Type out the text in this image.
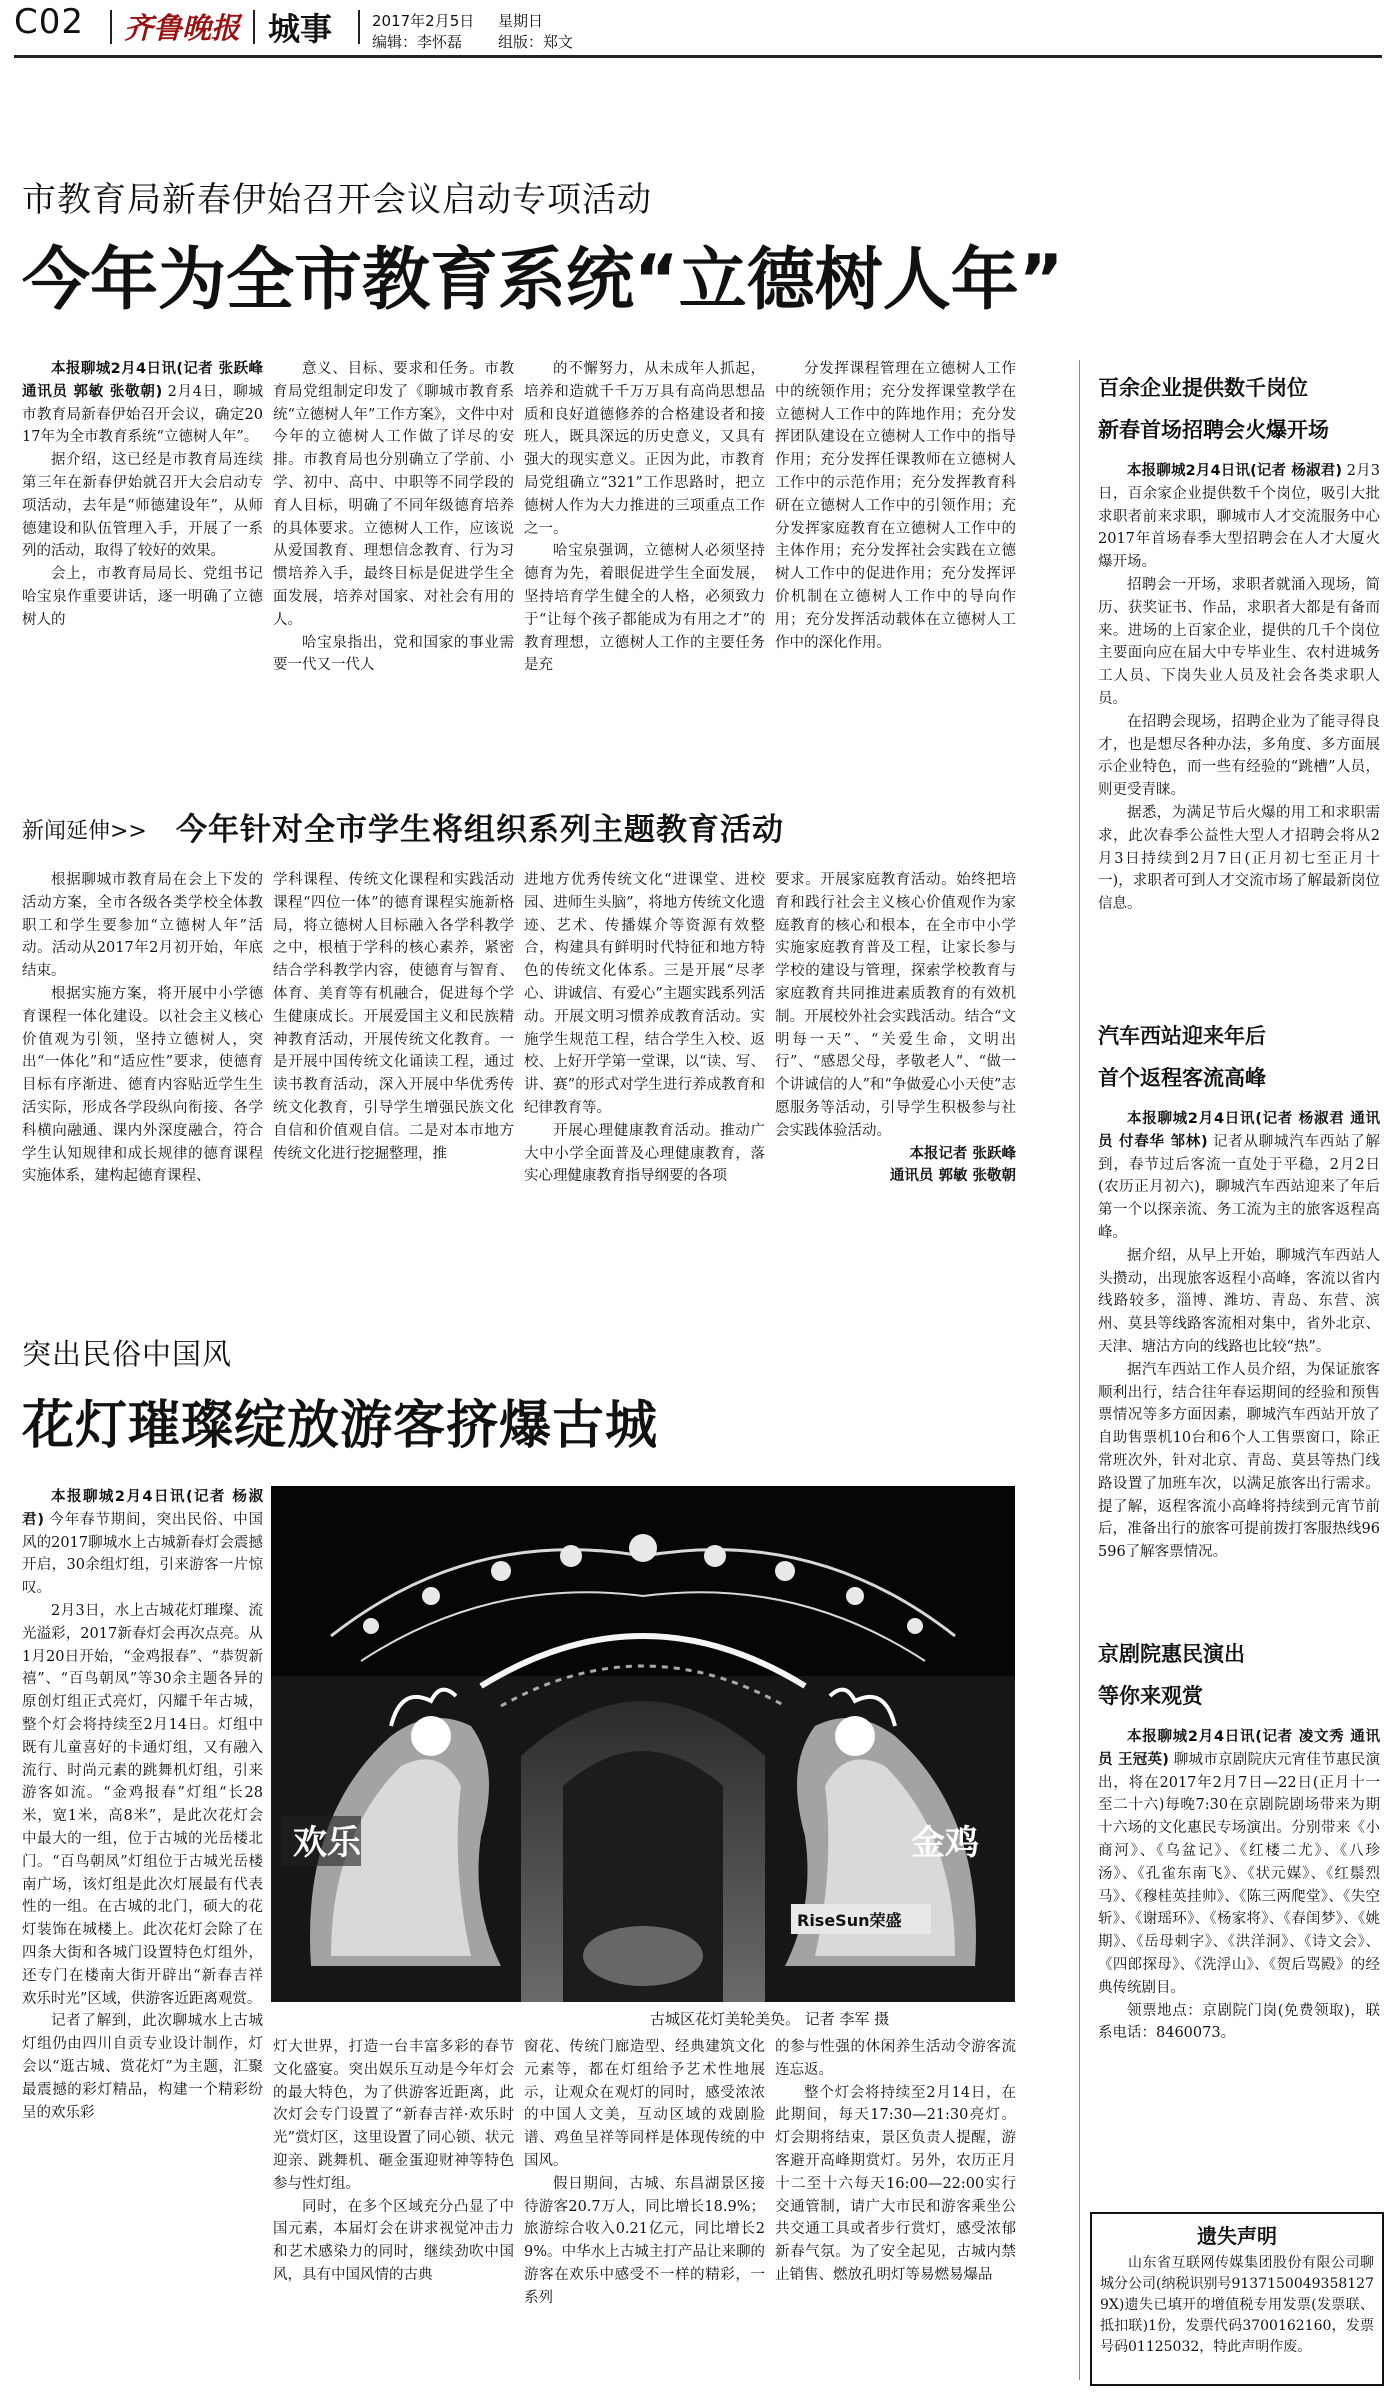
C02 齐鲁晚报 城事	2017年2月5日 星期日
编辑：李怀磊 组版：郑文
市教育局新春伊始召开会议启动专项活动
今年为全市教育系统“立德树人年”

本报聊城2月4日讯(记者 张跃峰 通讯员 郭敏 张敬朝) 2月4日，聊城市教育局新春伊始召开会议，确定2017年为全市教育系统“立德树人年”。

据介绍，这已经是市教育局连续第三年在新春伊始就召开大会启动专项活动，去年是“师德建设年”，从师德建设和队伍管理入手，开展了一系列的活动，取得了较好的效果。

会上，市教育局局长、党组书记哈宝泉作重要讲话，逐一明确了立德树人的

意义、目标、要求和任务。市教育局党组制定印发了《聊城市教育系统“立德树人年”工作方案》，文件中对今年的立德树人工作做了详尽的安排。市教育局也分别确立了学前、小学、初中、高中、中职等不同学段的育人目标，明确了不同年级德育培养的具体要求。立德树人工作，应该说从爱国教育、理想信念教育、行为习惯培养入手，最终目标是促进学生全面发展，培养对国家、对社会有用的人。

哈宝泉指出，党和国家的事业需要一代又一代人

的不懈努力，从未成年人抓起，培养和造就千千万万具有高尚思想品质和良好道德修养的合格建设者和接班人，既具深远的历史意义，又具有强大的现实意义。正因为此，市教育局党组确立“321”工作思路时，把立德树人作为大力推进的三项重点工作之一。

哈宝泉强调，立德树人必须坚持德育为先，着眼促进学生全面发展，坚持培育学生健全的人格，必须致力于“让每个孩子都能成为有用之才”的教育理想，立德树人工作的主要任务是充

分发挥课程管理在立德树人工作中的统领作用；充分发挥课堂教学在立德树人工作中的阵地作用；充分发挥团队建设在立德树人工作中的指导作用；充分发挥任课教师在立德树人工作中的示范作用；充分发挥教育科研在立德树人工作中的引领作用；充分发挥家庭教育在立德树人工作中的主体作用；充分发挥社会实践在立德树人工作中的促进作用；充分发挥评价机制在立德树人工作中的导向作用；充分发挥活动载体在立德树人工作中的深化作用。

新闻延伸>> 今年针对全市学生将组织系列主题教育活动

根据聊城市教育局在会上下发的活动方案，全市各级各类学校全体教职工和学生要参加“立德树人年”活动。活动从2017年2月初开始，年底结束。

根据实施方案，将开展中小学德育课程一体化建设。以社会主义核心价值观为引领，坚持立德树人，突出“一体化”和“适应性”要求，使德育目标有序渐进、德育内容贴近学生生活实际，形成各学段纵向衔接、各学科横向融通、课内外深度融合，符合学生认知规律和成长规律的德育课程实施体系，建构起德育课程、

学科课程、传统文化课程和实践活动课程“四位一体”的德育课程实施新格局，将立德树人目标融入各学科教学之中，根植于学科的核心素养，紧密结合学科教学内容，使德育与智育、体育、美育等有机融合，促进每个学生健康成长。开展爱国主义和民族精神教育活动，开展传统文化教育。一是开展中国传统文化诵读工程，通过读书教育活动，深入开展中华优秀传统文化教育，引导学生增强民族文化自信和价值观自信。二是对本市地方传统文化进行挖掘整理，推

进地方优秀传统文化“进课堂、进校园、进师生头脑”，将地方传统文化遗迹、艺术、传播媒介等资源有效整合，构建具有鲜明时代特征和地方特色的传统文化体系。三是开展“尽孝心、讲诚信、有爱心”主题实践系列活动。开展文明习惯养成教育活动。实施学生规范工程，结合学生入校、返校、上好开学第一堂课，以“读、写、讲、赛”的形式对学生进行养成教育和纪律教育等。

开展心理健康教育活动。推动广大中小学全面普及心理健康教育，落实心理健康教育指导纲要的各项

要求。开展家庭教育活动。始终把培育和践行社会主义核心价值观作为家庭教育的核心和根本，在全市中小学实施家庭教育普及工程，让家长参与学校的建设与管理，探索学校教育与家庭教育共同推进素质教育的有效机制。开展校外社会实践活动。结合“文明每一天”、“关爱生命，文明出行”、“感恩父母，孝敬老人”、“做一个讲诚信的人”和“争做爱心小天使”志愿服务等活动，引导学生积极参与社会实践体验活动。

本报记者 张跃峰

通讯员 郭敏 张敬朝

突出民俗中国风
花灯璀璨绽放游客挤爆古城

本报聊城2月4日讯(记者 杨淑君) 今年春节期间，突出民俗、中国风的2017聊城水上古城新春灯会震撼开启，30余组灯组，引来游客一片惊叹。

2月3日，水上古城花灯璀璨、流光溢彩，2017新春灯会再次点亮。从1月20日开始，“金鸡报春”、“恭贺新禧”、“百鸟朝凤”等30余主题各异的原创灯组正式亮灯，闪耀千年古城，整个灯会将持续至2月14日。灯组中既有儿童喜好的卡通灯组，又有融入流行、时尚元素的跳舞机灯组，引来游客如流。“金鸡报春”灯组“长28米，宽1米，高8米”，是此次花灯会中最大的一组，位于古城的光岳楼北门。“百鸟朝凤”灯组位于古城光岳楼南广场，该灯组是此次灯展最有代表性的一组。在古城的北门，硕大的花灯装饰在城楼上。此次花灯会除了在四条大街和各城门设置特色灯组外，还专门在楼南大街开辟出“新春吉祥 欢乐时光”区域，供游客近距离观赏。

记者了解到，此次聊城水上古城灯组仍由四川自贡专业设计制作，灯会以“逛古城、赏花灯”为主题，汇聚最震撼的彩灯精品，构建一个精彩纷呈的欢乐彩

欢乐	金鸡
RiseSun荣盛
古城区花灯美轮美奂。 记者 李军 摄

灯大世界，打造一台丰富多彩的春节文化盛宴。突出娱乐互动是今年灯会的最大特色，为了供游客近距离，此次灯会专门设置了“新春吉祥·欢乐时光”赏灯区，这里设置了同心锁、状元迎亲、跳舞机、砸金蛋迎财神等特色参与性灯组。

同时，在多个区域充分凸显了中国元素，本届灯会在讲求视觉冲击力和艺术感染力的同时，继续劲吹中国风，具有中国风情的古典

窗花、传统门廊造型、经典建筑文化元素等，都在灯组给予艺术性地展示，让观众在观灯的同时，感受浓浓的中国人文美，互动区域的戏剧脸谱、鸡鱼呈祥等同样是体现传统的中国风。

假日期间，古城、东昌湖景区接待游客20.7万人，同比增长18.9%；旅游综合收入0.21亿元，同比增长29%。中华水上古城主打产品让来聊的游客在欢乐中感受不一样的精彩，一系列

的参与性强的休闲养生活动令游客流连忘返。

整个灯会将持续至2月14日，在此期间，每天17:30—21:30亮灯。灯会期将结束，景区负责人提醒，游客避开高峰期赏灯。另外，农历正月十二至十六每天16:00—22:00实行交通管制，请广大市民和游客乘坐公共交通工具或者步行赏灯，感受浓郁新春气氛。为了安全起见，古城内禁止销售、燃放孔明灯等易燃易爆品

百余企业提供数千岗位
新春首场招聘会火爆开场

本报聊城2月4日讯(记者 杨淑君) 2月3日，百余家企业提供数千个岗位，吸引大批求职者前来求职，聊城市人才交流服务中心2017年首场春季大型招聘会在人才大厦火爆开场。

招聘会一开场，求职者就涌入现场，简历、获奖证书、作品，求职者大都是有备而来。进场的上百家企业，提供的几千个岗位主要面向应在届大中专毕业生、农村进城务工人员、下岗失业人员及社会各类求职人员。

在招聘会现场，招聘企业为了能寻得良才，也是想尽各种办法，多角度、多方面展示企业特色，而一些有经验的“跳槽”人员，则更受青睐。

据悉，为满足节后火爆的用工和求职需求，此次春季公益性大型人才招聘会将从2月3日持续到2月7日(正月初七至正月十一)，求职者可到人才交流市场了解最新岗位信息。

汽车西站迎来年后
首个返程客流高峰

本报聊城2月4日讯(记者 杨淑君 通讯员 付春华 邹林) 记者从聊城汽车西站了解到，春节过后客流一直处于平稳，2月2日(农历正月初六)，聊城汽车西站迎来了年后第一个以探亲流、务工流为主的旅客返程高峰。

据介绍，从早上开始，聊城汽车西站人头攒动，出现旅客返程小高峰，客流以省内线路较多，淄博、潍坊、青岛、东营、滨州、莫县等线路客流相对集中，省外北京、天津、塘沽方向的线路也比较“热”。

据汽车西站工作人员介绍，为保证旅客顺利出行，结合往年春运期间的经验和预售票情况等多方面因素，聊城汽车西站开放了自助售票机10台和6个人工售票窗口，除正常班次外，针对北京、青岛、莫县等热门线路设置了加班车次，以满足旅客出行需求。提了解，返程客流小高峰将持续到元宵节前后，准备出行的旅客可提前拨打客服热线96596了解客票情况。

京剧院惠民演出
等你来观赏

本报聊城2月4日讯(记者 凌文秀 通讯员 王冠英) 聊城市京剧院庆元宵佳节惠民演出，将在2017年2月7日—22日(正月十一至二十六)每晚7:30在京剧院剧场带来为期十六场的文化惠民专场演出。分别带来《小商河》、《乌盆记》、《红楼二尤》、《八珍汤》、《孔雀东南飞》、《状元媒》、《红鬃烈马》、《穆桂英挂帅》、《陈三两爬堂》、《失空斩》、《谢瑶环》、《杨家将》、《春闺梦》、《姚期》、《岳母刺字》、《洪洋洞》、《诗文会》、《四郎探母》、《洗浮山》、《贺后骂殿》的经典传统剧目。

领票地点：京剧院门岗(免费领取)，联系电话：8460073。

遗失声明
山东省互联网传媒集团股份有限公司聊城分公司(纳税识别号91371500493581279X)遗失已填开的增值税专用发票(发票联、抵扣联)1份，发票代码3700162160，发票号码01125032，特此声明作废。
